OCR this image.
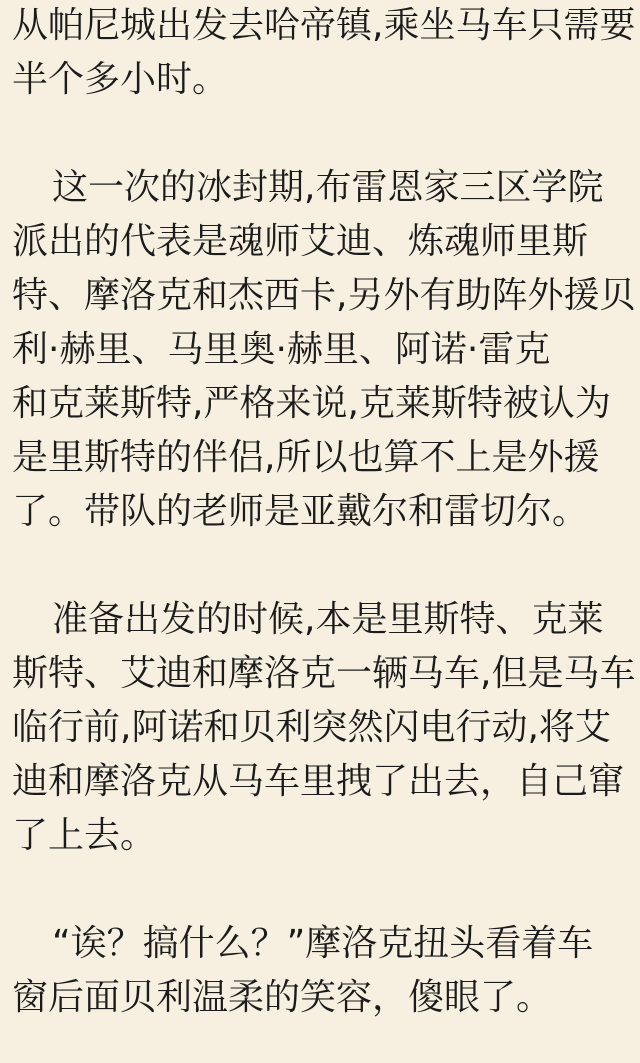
从帕尼城出发去哈帝镇,乘坐马车只需要
半个多小时。
这一次的冰封期,布雷恩家三区学院
派出的代表是魂师艾迪、炼魂师里斯
特、摩洛克和杰西卡,另外有助阵外援贝
利·赫里、马里奥·赫里、阿诺·雷克
和克莱斯特,严格来说,克莱斯特被认为
是里斯特的伴侣,所以也算不上是外援
了。带队的老师是亚戴尔和雷切尔。
准备出发的时候,本是里斯特、克莱
斯特、艾迪和摩洛克一辆马车,但是马车
临行前,阿诺和贝利突然闪电行动,将艾
迪和摩洛克从马车里拽了出去，自己窜
了上去。
“诶？搞什么？”摩洛克扭头看着车
窗后面贝利温柔的笑容，傻眼了。
